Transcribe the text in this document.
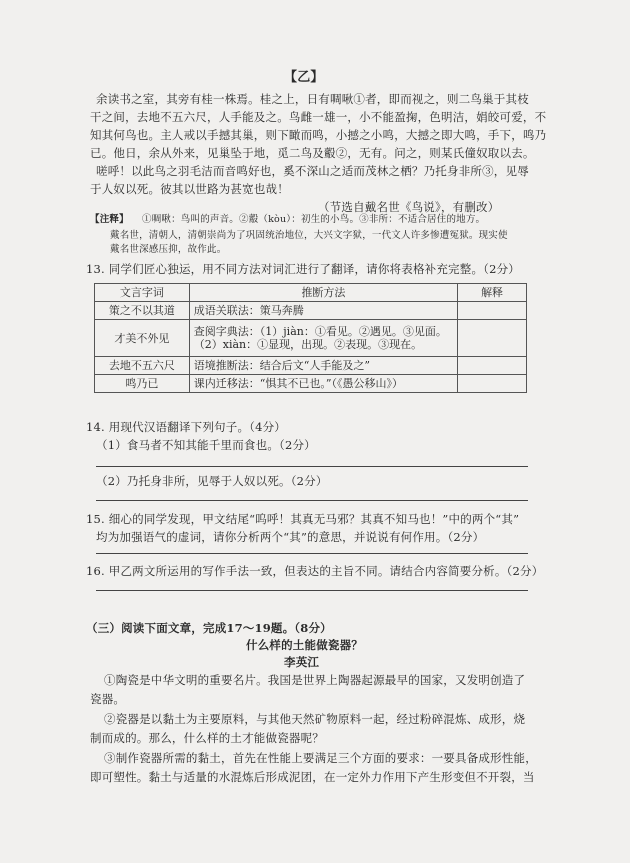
【乙】
余读书之室，其旁有桂一株焉。桂之上，日有啁啾①者，即而视之，则二鸟巢于其枝
干之间，去地不五六尺，人手能及之。鸟雌一雄一，小不能盈掬，色明洁，娟皎可爱，不
知其何鸟也。主人戒以手撼其巢，则下瞰而鸣，小撼之小鸣，大撼之即大鸣，手下，鸣乃
已。他日，余从外来，见巢坠于地，觅二鸟及鷇②，无有。问之，则某氏僮奴取以去。
嗟呼！以此鸟之羽毛洁而音鸣好也，奚不深山之适而茂林之栖？乃托身非所③，见辱
于人奴以死。彼其以世路为甚宽也哉！
（节选自戴名世《鸟说》，有删改）
【注释】 ①啁啾：鸟叫的声音。②鷇（kòu）：初生的小鸟。③非所：不适合居住的地方。
戴名世，清朝人，清朝崇尚为了巩固统治地位，大兴文字狱，一代文人许多惨遭冤狱。现实使
戴名世深感压抑，故作此。
13. 同学们匠心独运，用不同方法对词汇进行了翻译，请你将表格补充完整。（2分）
文言字词	推断方法	解释
策之不以其道	成语关联法：策马奔腾	
才美不外见	查阅字典法：（1）jiàn：①看见。②遇见。③见面。（2）xiàn：①显现，出现。②表现。③现在。	
去地不五六尺	语境推断法：结合后文“人手能及之”	
鸣乃已	课内迁移法：“惧其不已也。”（《愚公移山》）	
14. 用现代汉语翻译下列句子。（4分）
（1）食马者不知其能千里而食也。（2分）
（2）乃托身非所，见辱于人奴以死。（2分）
15. 细心的同学发现，甲文结尾“呜呼！其真无马邪？其真不知马也！”中的两个“其”
均为加强语气的虚词，请你分析两个“其”的意思，并说说有何作用。（2分）
16. 甲乙两文所运用的写作手法一致，但表达的主旨不同。请结合内容简要分析。（2分）
（三）阅读下面文章，完成17～19题。（8分）
什么样的土能做瓷器？
李英江
①陶瓷是中华文明的重要名片。我国是世界上陶器起源最早的国家，又发明创造了
瓷器。
②瓷器是以黏土为主要原料，与其他天然矿物原料一起，经过粉碎混炼、成形，烧
制而成的。那么，什么样的土才能做瓷器呢？
③制作瓷器所需的黏土，首先在性能上要满足三个方面的要求：一要具备成形性能，
即可塑性。黏土与适量的水混炼后形成泥团，在一定外力作用下产生形变但不开裂，当
